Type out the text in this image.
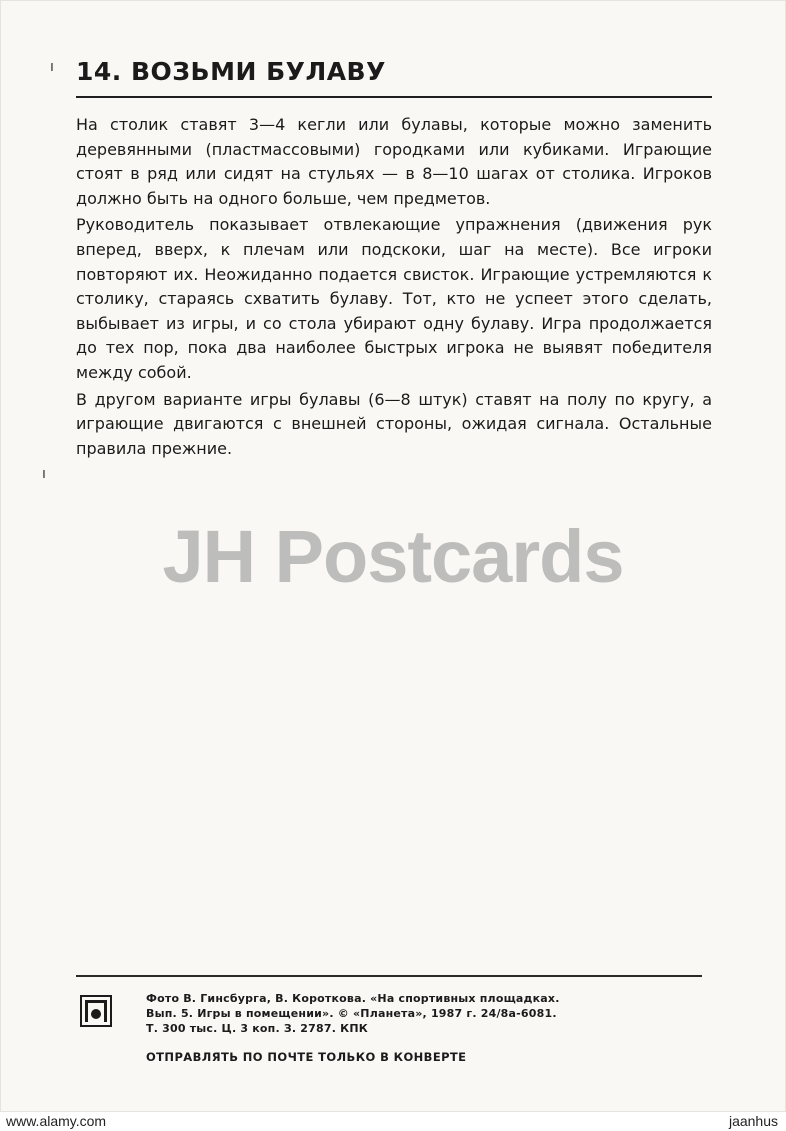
ı
ı
14. ВОЗЬМИ БУЛАВУ

На столик ставят 3—4 кегли или булавы, которые можно заменить деревянными (пластмассовыми) городками или кубиками. Играющие стоят в ряд или сидят на стульях — в 8—10 шагах от столика. Игроков должно быть на одного больше, чем предметов.

Руководитель показывает отвлекающие упражнения (движения рук вперед, вверх, к плечам или подскоки, шаг на месте). Все игроки повторяют их. Неожиданно подается свисток. Играющие устремляются к столику, стараясь схватить булаву. Тот, кто не успеет этого сделать, выбывает из игры, и со стола убирают одну булаву. Игра продолжается до тех пор, пока два наиболее быстрых игрока не выявят победителя между собой.

В другом варианте игры булавы (6—8 штук) ставят на полу по кругу, а играющие двигаются с внешней стороны, ожидая сигнала. Остальные правила прежние.

JH Postcards
Фото В. Гинсбурга, В. Короткова. «На спортивных площадках.
Вып. 5. Игры в помещении». © «Планета», 1987 г. 24/8а-6081.
Т. 300 тыс. Ц. 3 коп. З. 2787. КПК
ОТПРАВЛЯТЬ ПО ПОЧТЕ ТОЛЬКО В КОНВЕРТЕ
www.alamy.com	jaanhus
